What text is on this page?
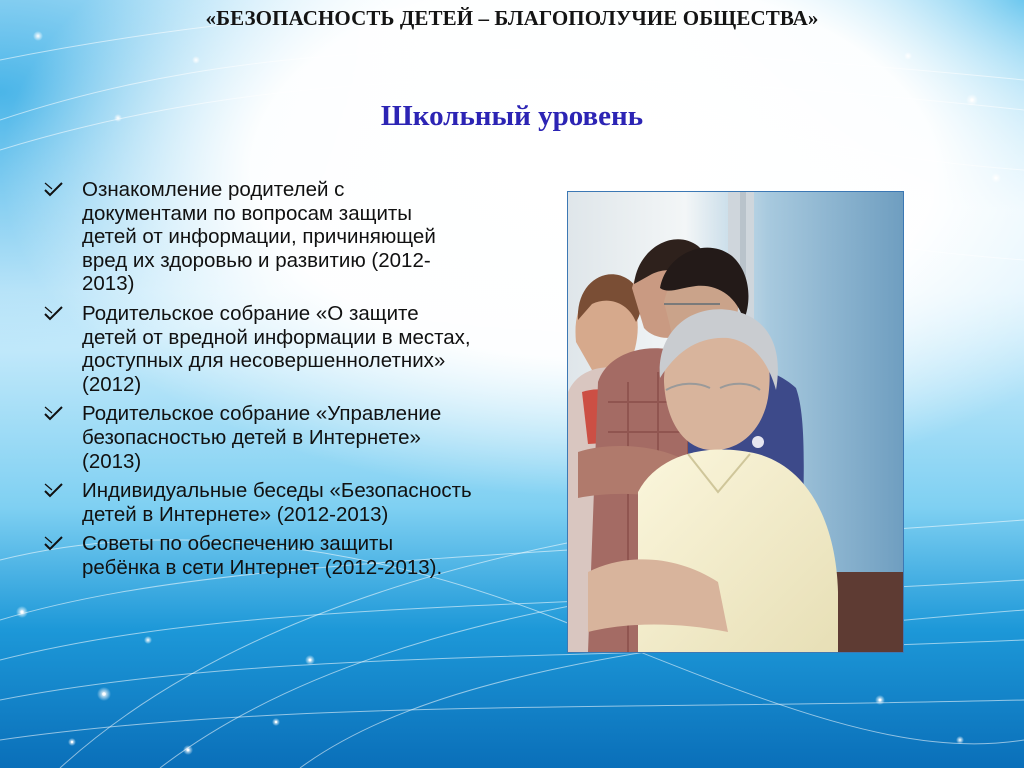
«БЕЗОПАСНОСТЬ ДЕТЕЙ – БЛАГОПОЛУЧИЕ ОБЩЕСТВА»
Школьный уровень
Ознакомление родителей с документами по вопросам защиты детей от информации, причиняющей вред их здоровью и развитию (2012-2013)
Родительское собрание «О защите детей от вредной информации в местах, доступных для несовершеннолетних» (2012)
Родительское собрание «Управление безопасностью детей в Интернете» (2013)
Индивидуальные беседы «Безопасность детей в Интернете» (2012-2013)
Советы по обеспечению защиты ребёнка в сети Интернет (2012-2013).
